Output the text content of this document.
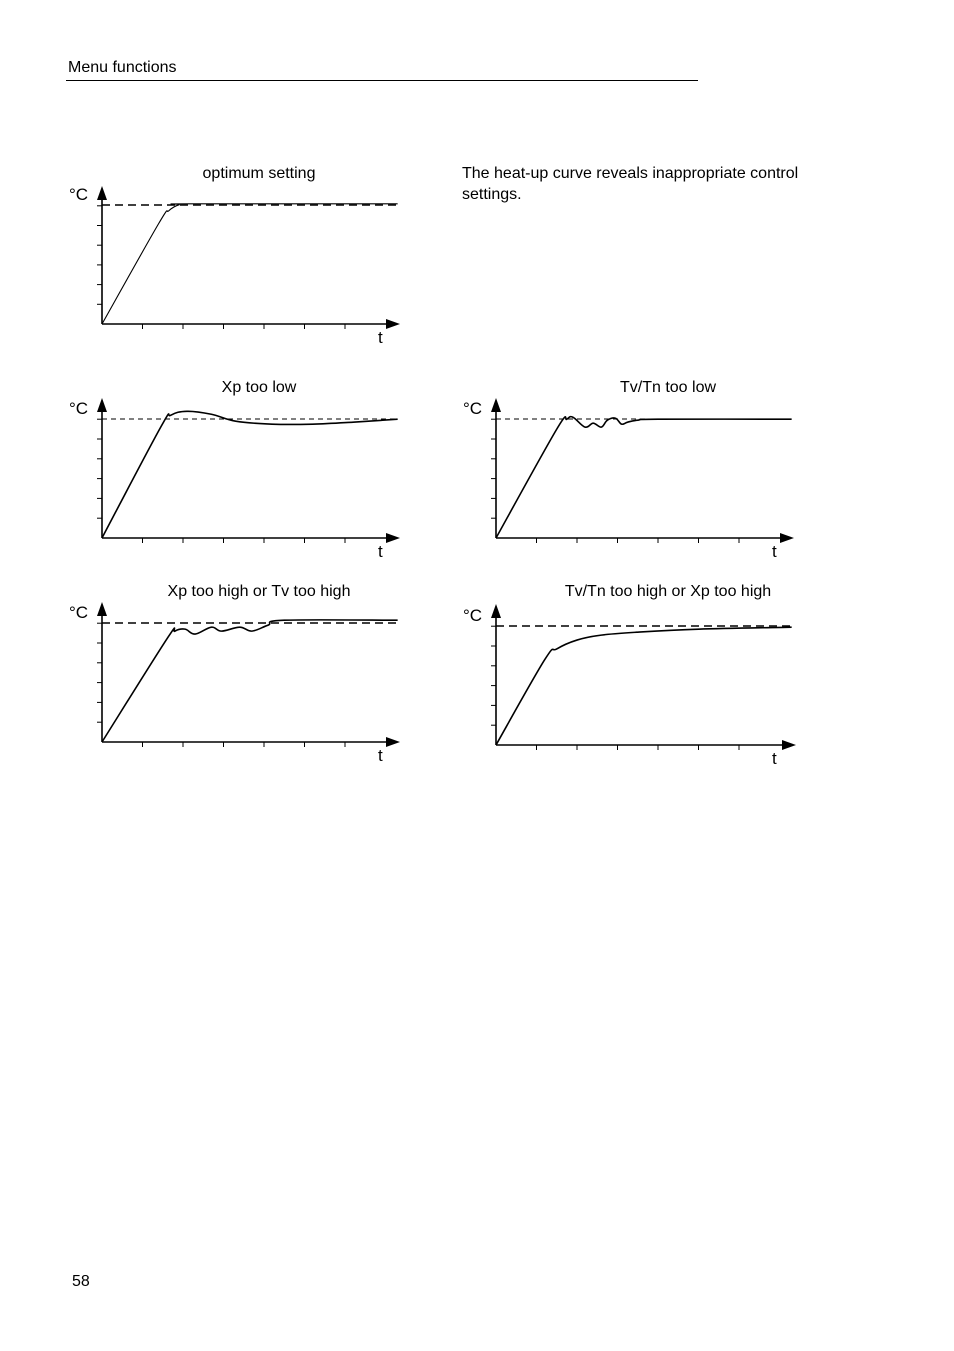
Menu functions
The heat-up curve reveals inappropriate control settings.
58
optimum setting
°C
t
Xp too low
°C
t
Tv/Tn too low
°C
t
Xp too high or Tv too high
°C
t
Tv/Tn too high or Xp too high
°C
t
